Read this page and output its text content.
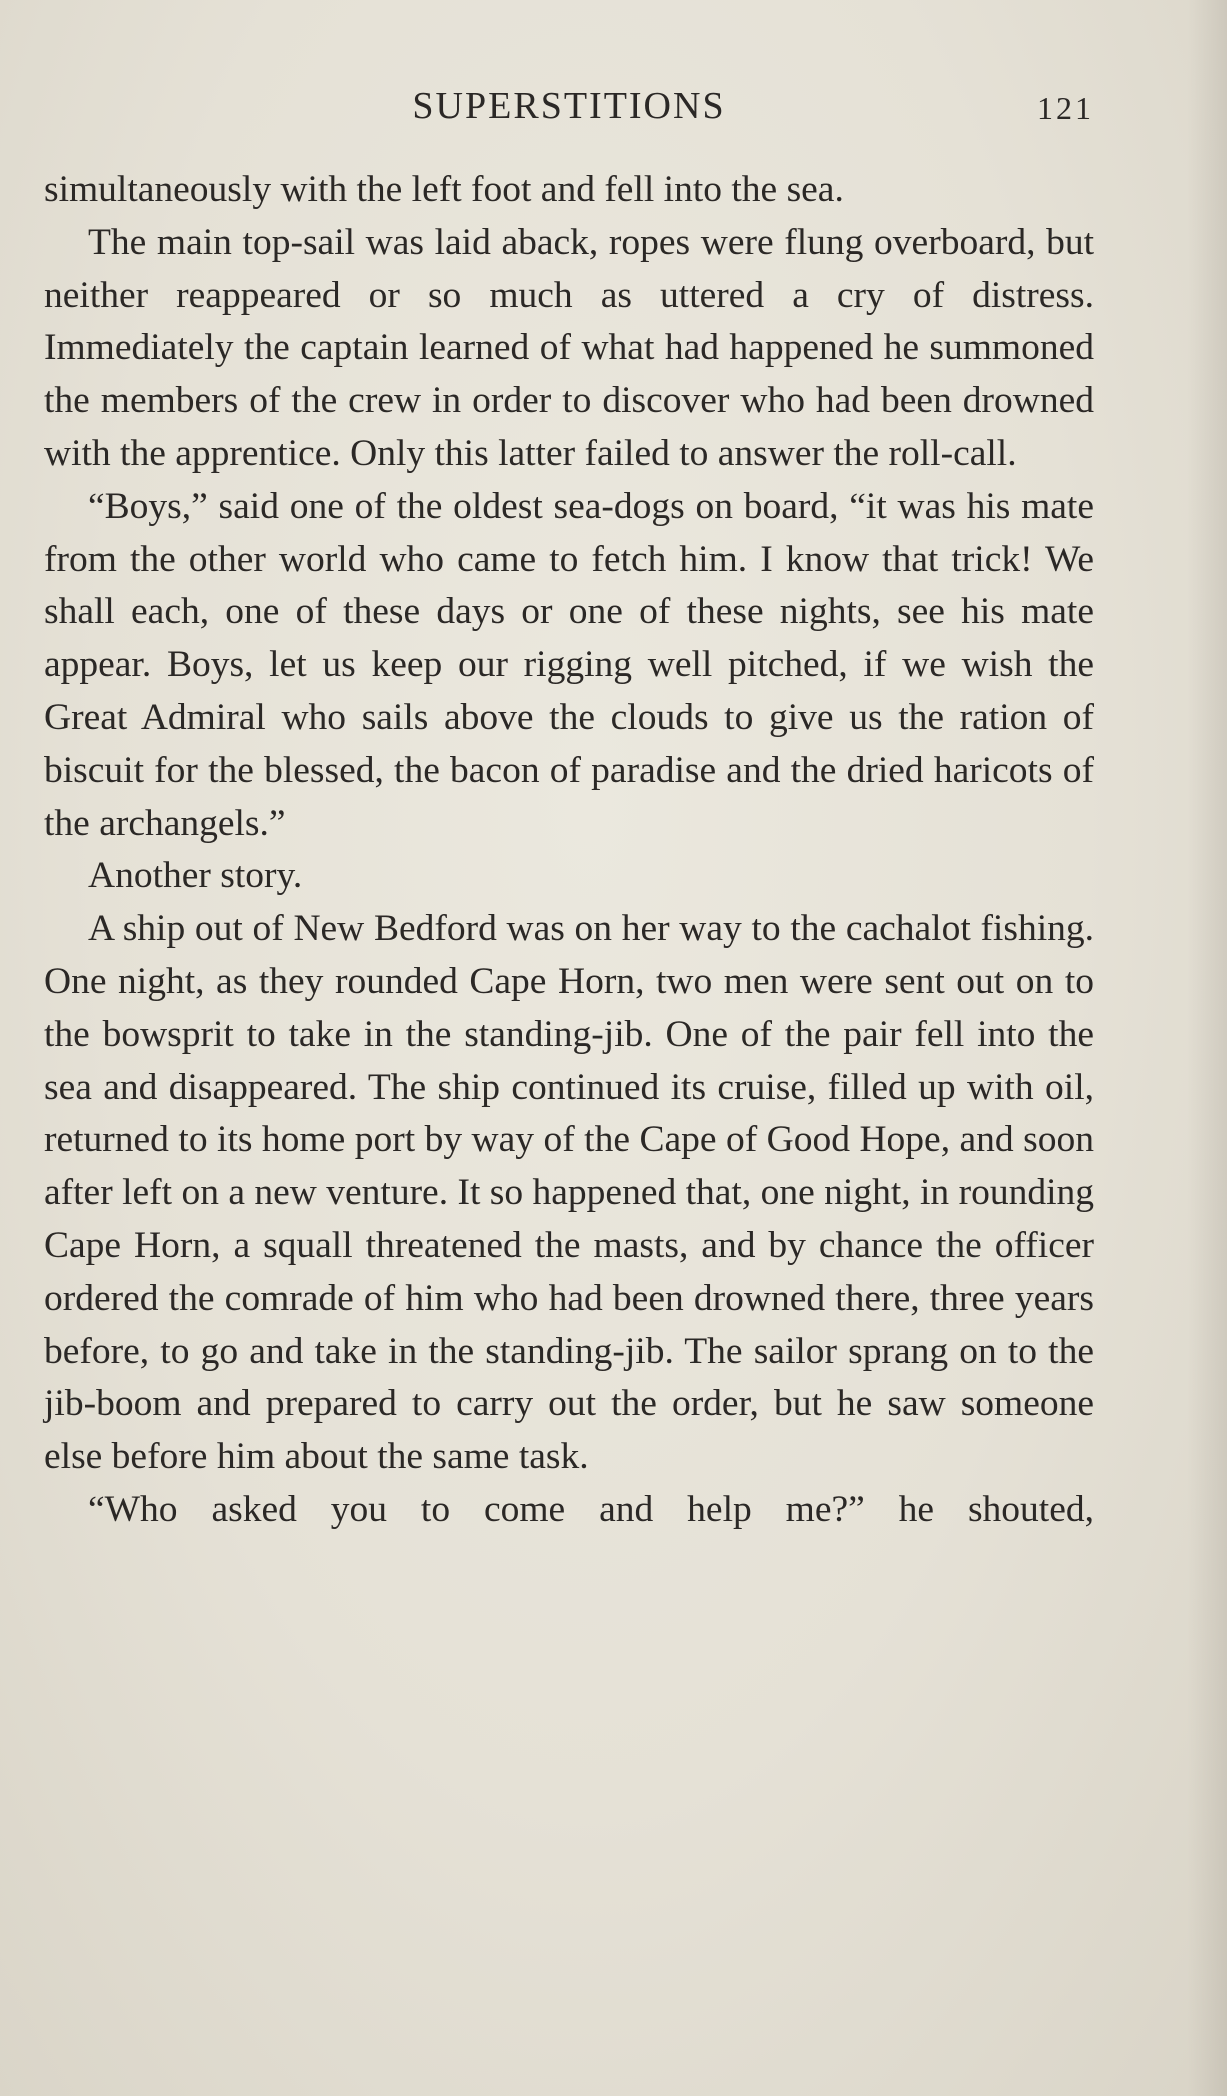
SUPERSTITIONS	121

simultaneously with the left foot and fell into the sea.

The main top-sail was laid aback, ropes were flung overboard, but neither reappeared or so much as uttered a cry of distress. Immediately the captain learned of what had happened he summoned the members of the crew in order to discover who had been drowned with the apprentice. Only this latter failed to answer the roll-call.

“Boys,” said one of the oldest sea-dogs on board, “it was his mate from the other world who came to fetch him. I know that trick! We shall each, one of these days or one of these nights, see his mate appear. Boys, let us keep our rigging well pitched, if we wish the Great Admiral who sails above the clouds to give us the ration of biscuit for the blessed, the bacon of paradise and the dried haricots of the archangels.”

Another story.

A ship out of New Bedford was on her way to the cachalot fishing. One night, as they rounded Cape Horn, two men were sent out on to the bowsprit to take in the standing-jib. One of the pair fell into the sea and disappeared. The ship continued its cruise, filled up with oil, returned to its home port by way of the Cape of Good Hope, and soon after left on a new venture. It so happened that, one night, in rounding Cape Horn, a squall threatened the masts, and by chance the officer ordered the comrade of him who had been drowned there, three years before, to go and take in the standing-jib. The sailor sprang on to the jib-boom and prepared to carry out the order, but he saw someone else before him about the same task.

“Who asked you to come and help me?” he shouted,
